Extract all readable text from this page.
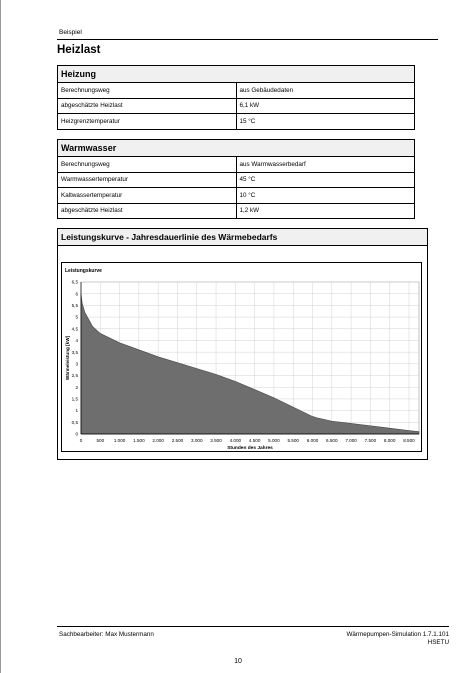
Beispiel
Heizlast
Heizung	
Berechnungsweg	aus Gebäudedaten
abgeschätzte Heizlast	6,1 kW
Heizgrenztemperatur	15 °C
Warmwasser	
Berechnungsweg	aus Warmwasserbedarf
Warmwassertemperatur	45 °C
Kaltwassertemperatur	10 °C
abgeschätzte Heizlast	1,2 kW
Leistungskurve - Jahresdauerlinie des Wärmebedarfs
0	500 1.000 1.500 2.000 2.500 3.000 3.500 4.000 4.500 5.000 5.500 6.000 6.500 7.000 7.500 8.000 8.500
0
0,5
1
1,5
2
2,5
3
3,5
4
4,5
5
5,5
6
6,5
Stunden des Jahres
Wärmeleistung [kW]
Leistungskurve
Sachbearbeiter: Max Mustermann	Wärmepumpen-Simulation 1.7.1.101
HSETU
10
